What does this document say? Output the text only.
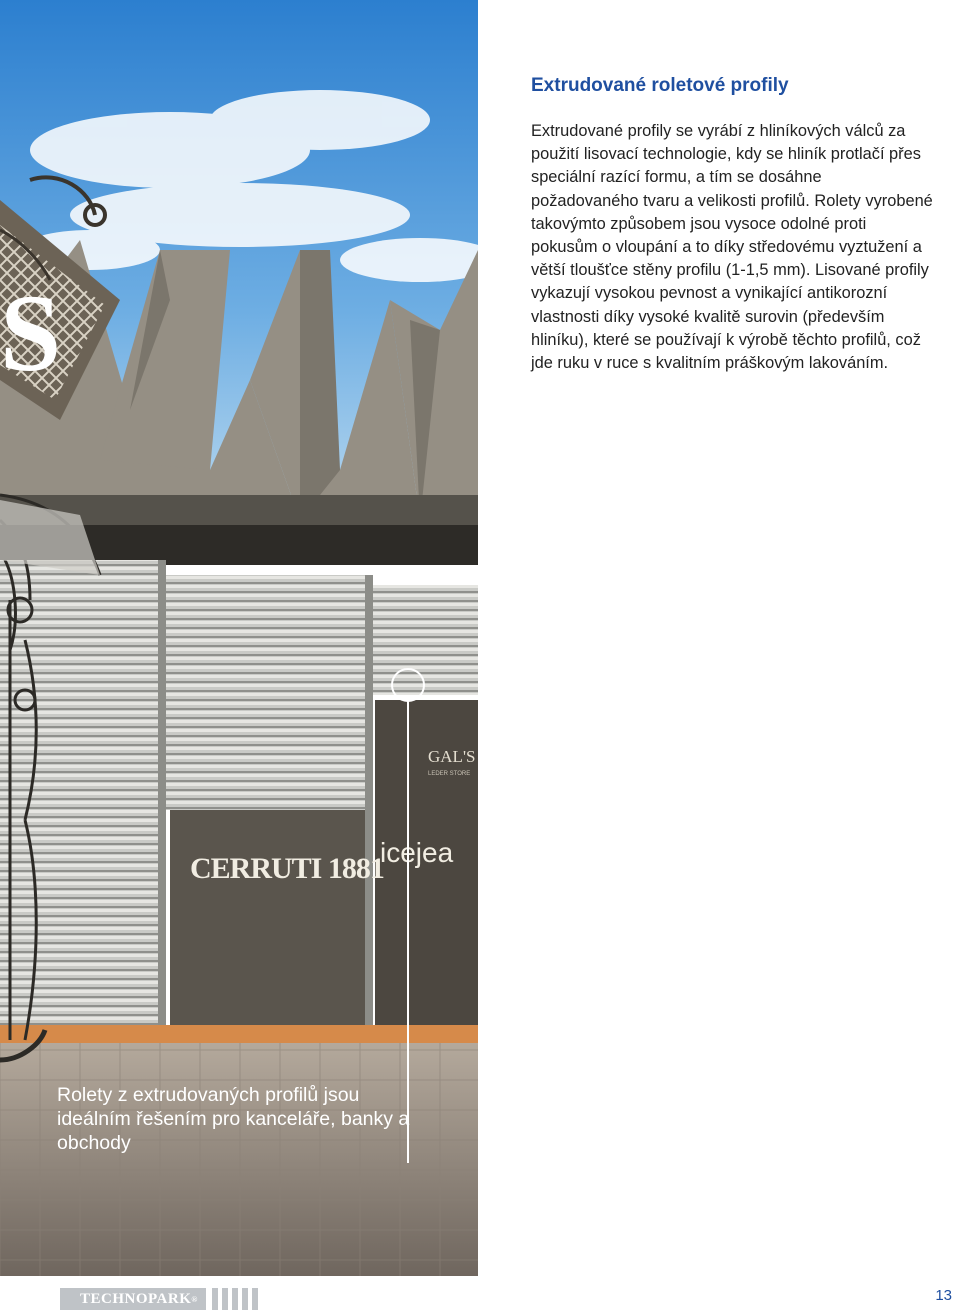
CERRUTI 1881
icejea
GAL'S
LEDER STORE
S
Rolety z extrudovaných profilů jsou ideálním řešením pro kanceláře, banky a obchody
Extrudované roletové profily

Extrudované profily se vyrábí z hliníkových válců za použití lisovací technologie, kdy se hliník protlačí přes speciální razící formu, a tím se dosáhne požadovaného tvaru a velikosti profilů. Rolety vyrobené takovýmto způsobem jsou vysoce odolné proti pokusům o vloupání a to díky středovému vyztužení a větší tloušťce stěny profilu (1-1,5 mm). Lisované profily vykazují vysokou pevnost a vynikající antikorozní vlastnosti díky vysoké kvalitě surovin (především hliníku), které se používají k výrobě těchto profilů, což jde ruku v ruce s kvalitním práškovým lakováním.

TECHNOPARK ®	13
